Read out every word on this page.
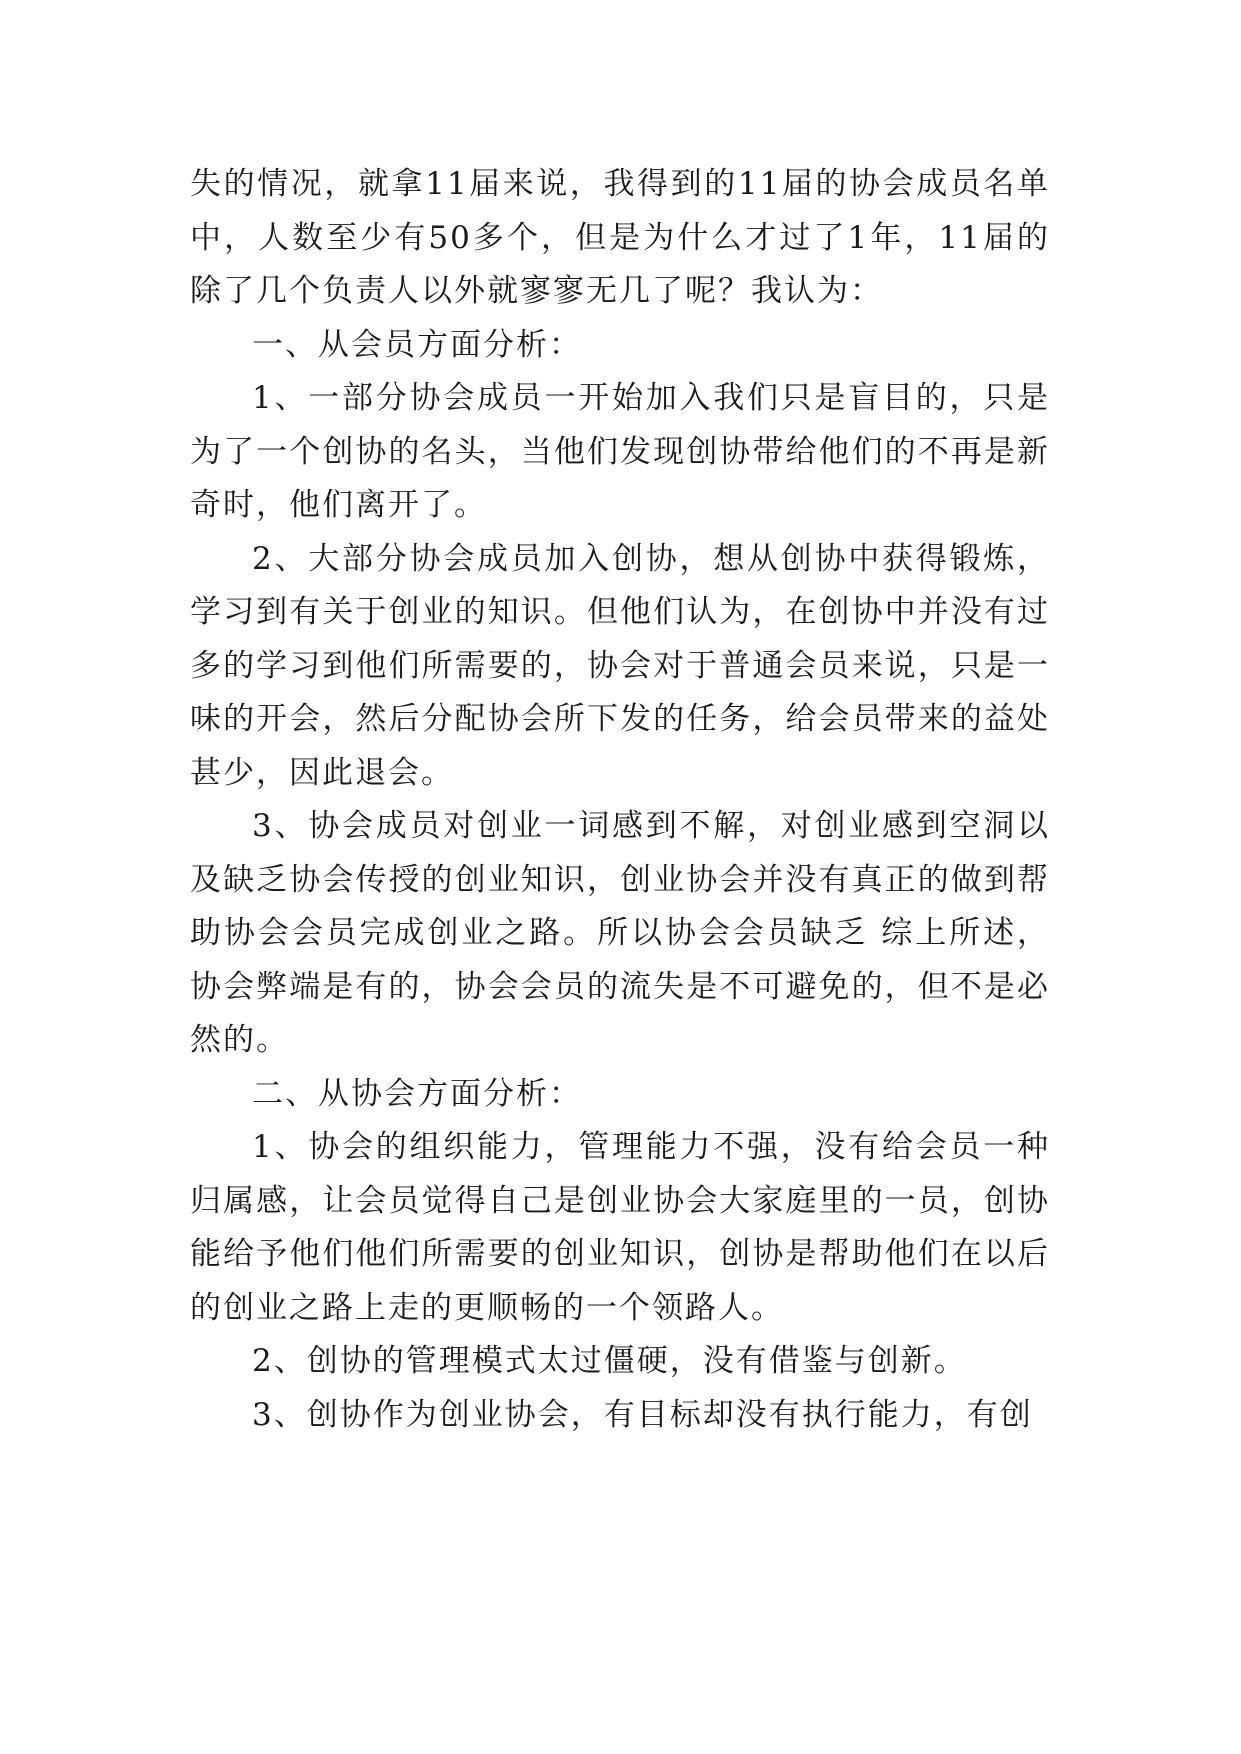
失的情况，就拿11届来说，我得到的11届的协会成员名单中，人数至少有50多个，但是为什么才过了1年，11届的除了几个负责人以外就寥寥无几了呢？我认为：

一、从会员方面分析：

1、一部分协会成员一开始加入我们只是盲目的，只是为了一个创协的名头，当他们发现创协带给他们的不再是新奇时，他们离开了。

2、大部分协会成员加入创协，想从创协中获得锻炼，学习到有关于创业的知识。但他们认为，在创协中并没有过多的学习到他们所需要的，协会对于普通会员来说，只是一味的开会，然后分配协会所下发的任务，给会员带来的益处甚少，因此退会。

3、协会成员对创业一词感到不解，对创业感到空洞以及缺乏协会传授的创业知识，创业协会并没有真正的做到帮助协会会员完成创业之路。所以协会会员缺乏 综上所述，协会弊端是有的，协会会员的流失是不可避免的，但不是必然的。

二、从协会方面分析：

1、协会的组织能力，管理能力不强，没有给会员一种归属感，让会员觉得自己是创业协会大家庭里的一员，创协能给予他们他们所需要的创业知识，创协是帮助他们在以后的创业之路上走的更顺畅的一个领路人。

2、创协的管理模式太过僵硬，没有借鉴与创新。

3、创协作为创业协会，有目标却没有执行能力，有创
